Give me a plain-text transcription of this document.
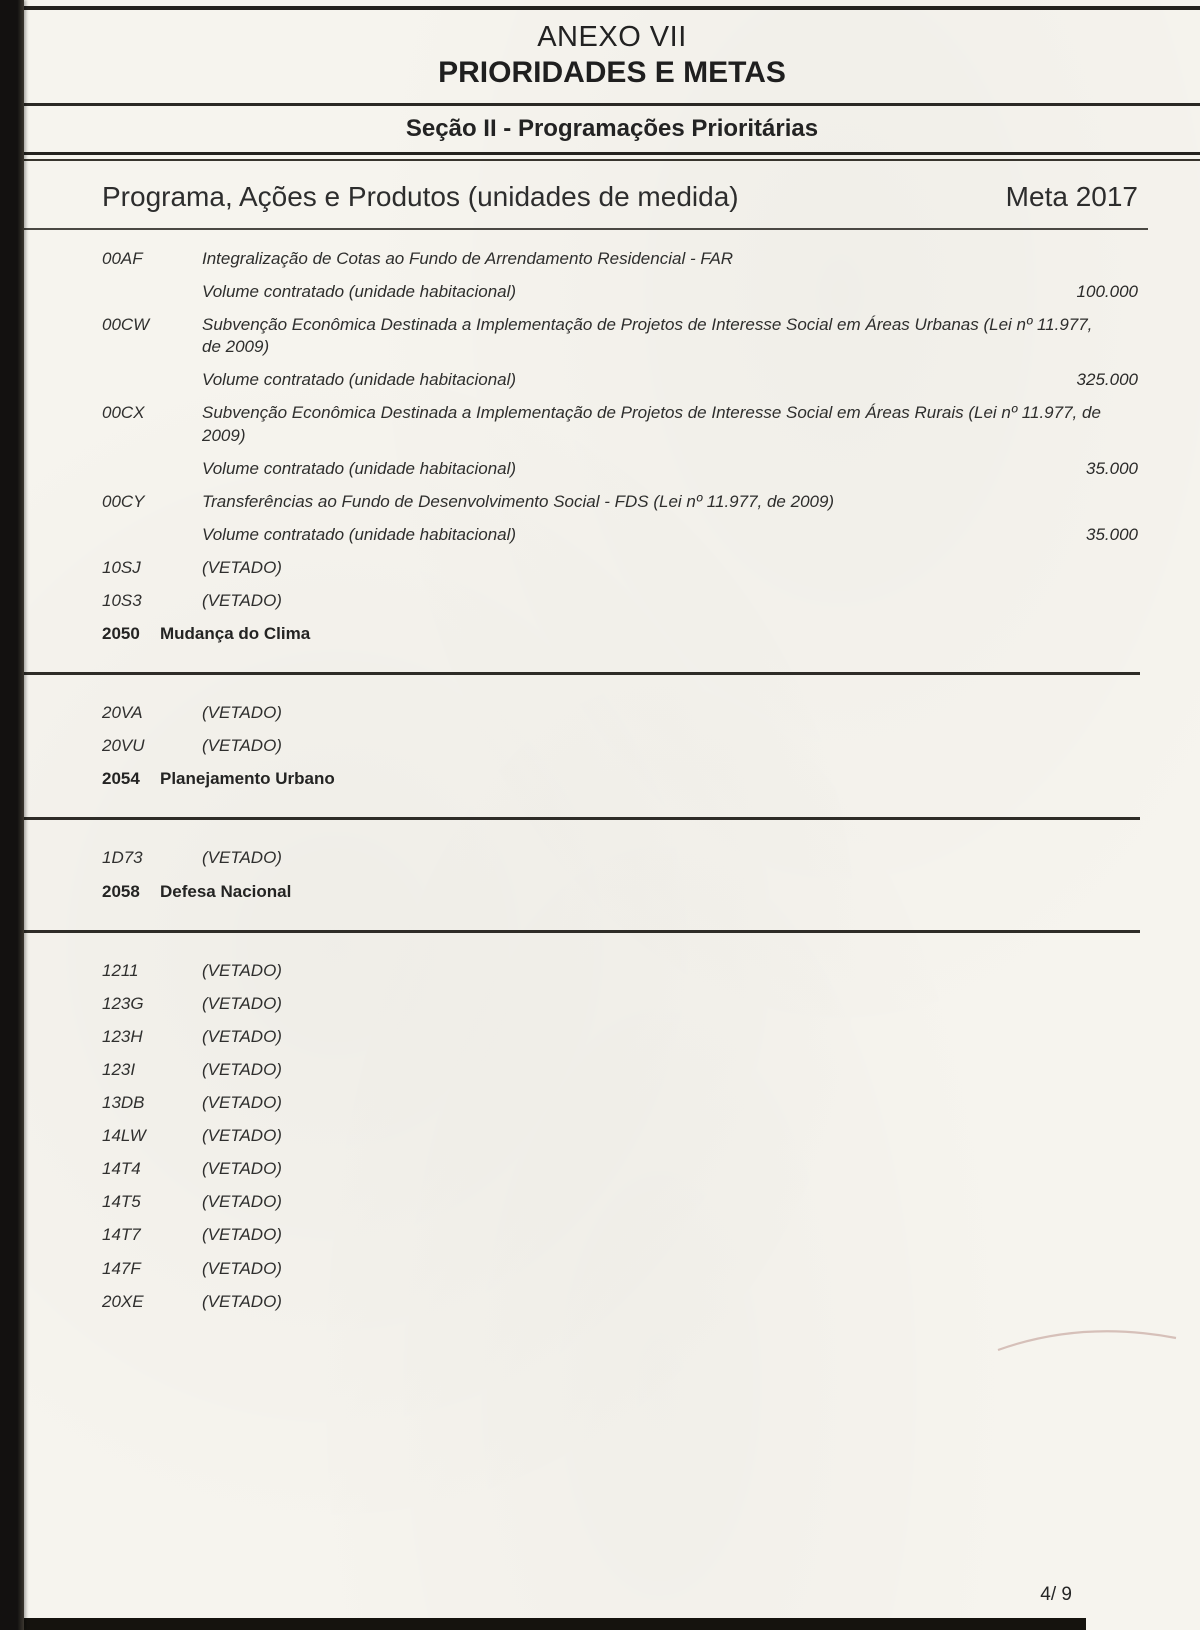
ANEXO VII
PRIORIDADES E METAS
Seção II - Programações Prioritárias
Programa, Ações e Produtos (unidades de medida)	Meta 2017
00AF	Integralização de Cotas ao Fundo de Arrendamento Residencial - FAR
Volume contratado (unidade habitacional)	100.000
00CW	Subvenção Econômica Destinada a Implementação de Projetos de Interesse Social em Áreas Urbanas (Lei nº 11.977, de 2009)
Volume contratado (unidade habitacional)	325.000
00CX	Subvenção Econômica Destinada a Implementação de Projetos de Interesse Social em Áreas Rurais (Lei nº 11.977, de 2009)
Volume contratado (unidade habitacional)	35.000
00CY	Transferências ao Fundo de Desenvolvimento Social - FDS (Lei nº 11.977, de 2009)
Volume contratado (unidade habitacional)	35.000
10SJ	(VETADO)
10S3	(VETADO)
2050	Mudança do Clima
20VA	(VETADO)
20VU	(VETADO)
2054	Planejamento Urbano
1D73	(VETADO)
2058	Defesa Nacional
1211	(VETADO)
123G	(VETADO)
123H	(VETADO)
123I	(VETADO)
13DB	(VETADO)
14LW	(VETADO)
14T4	(VETADO)
14T5	(VETADO)
14T7	(VETADO)
147F	(VETADO)
20XE	(VETADO)
4/ 9
